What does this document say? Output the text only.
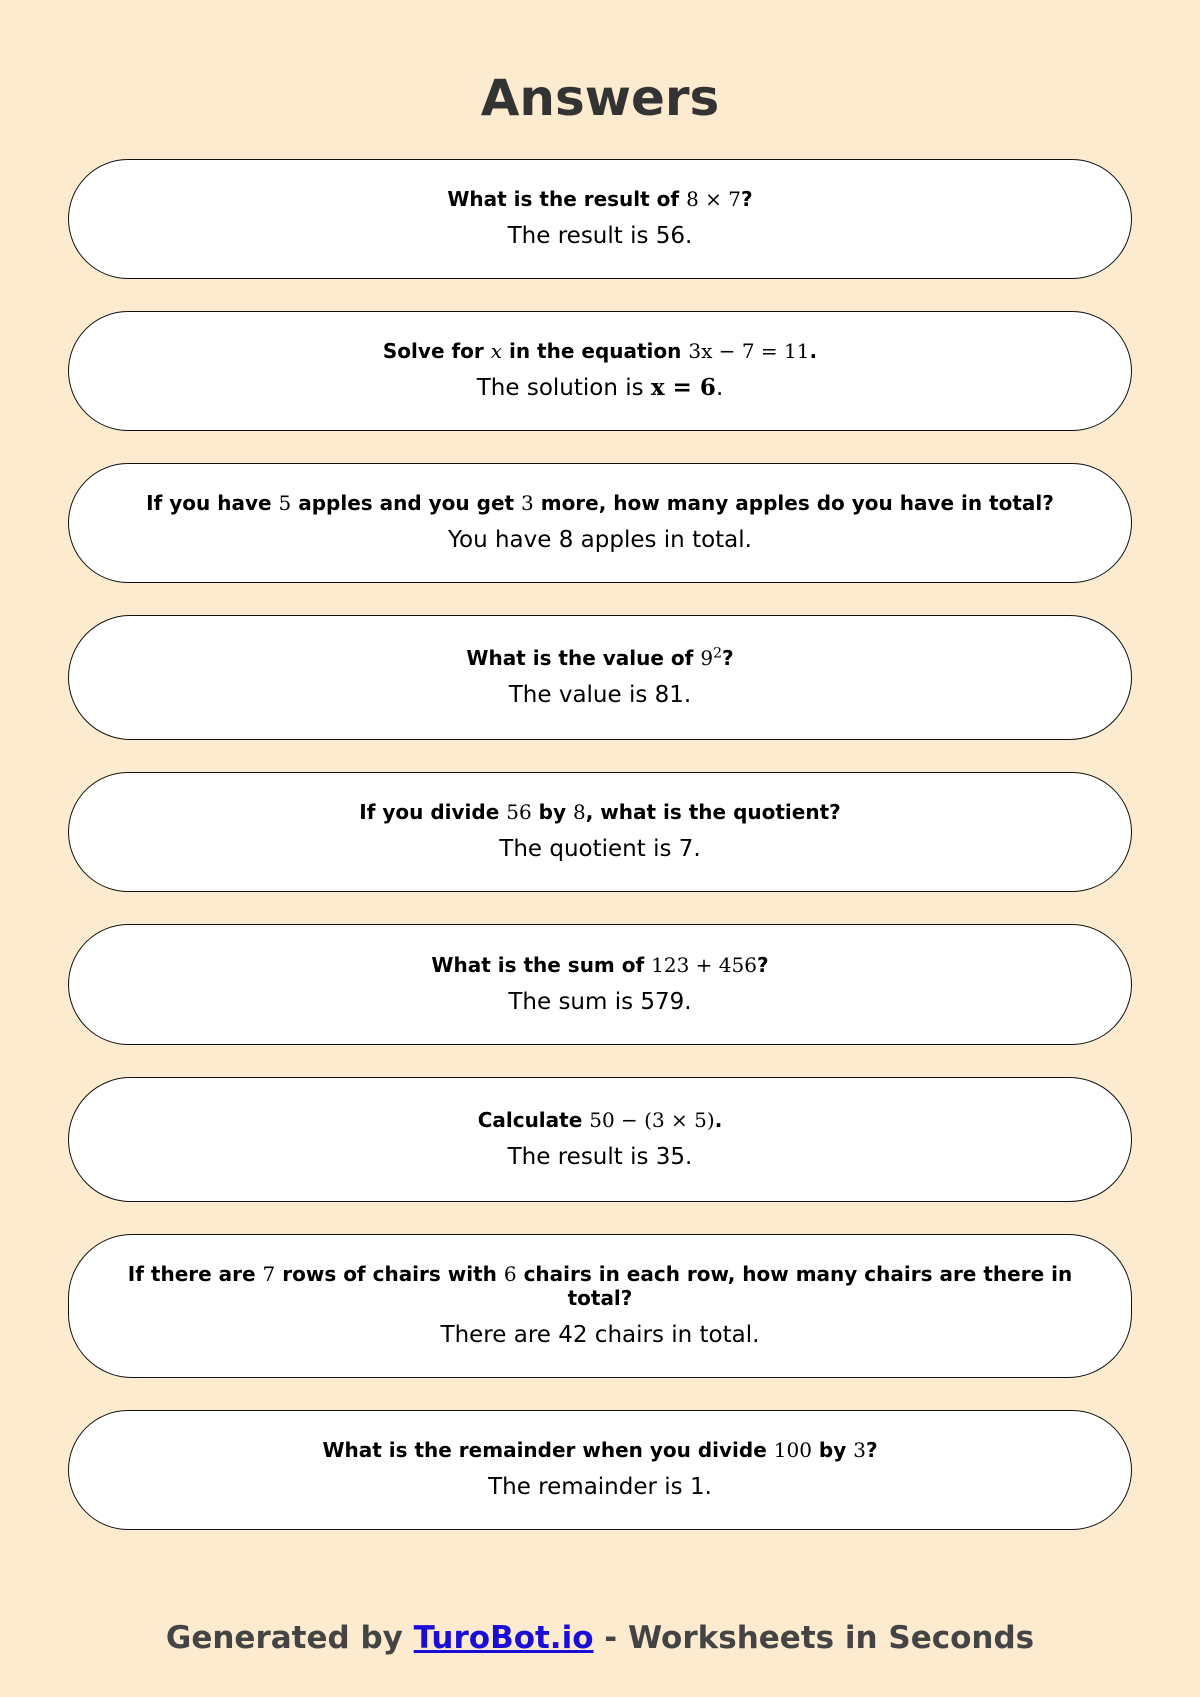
Answers
What is the result of 8 × 7?
The result is 56.
Solve for x in the equation 3x − 7 = 11.
The solution is x = 6.
If you have 5 apples and you get 3 more, how many apples do you have in total?
You have 8 apples in total.
What is the value of $9^2$?
The value is 81.
If you divide 56 by 8, what is the quotient?
The quotient is 7.
What is the sum of 123 + 456?
The sum is 579.
Calculate 50 − (3 × 5).
The result is 35.
If there are 7 rows of chairs with 6 chairs in each row, how many chairs are there in total?
There are 42 chairs in total.
What is the remainder when you divide 100 by 3?
The remainder is 1.
Generated by TuroBot.io - Worksheets in Seconds
